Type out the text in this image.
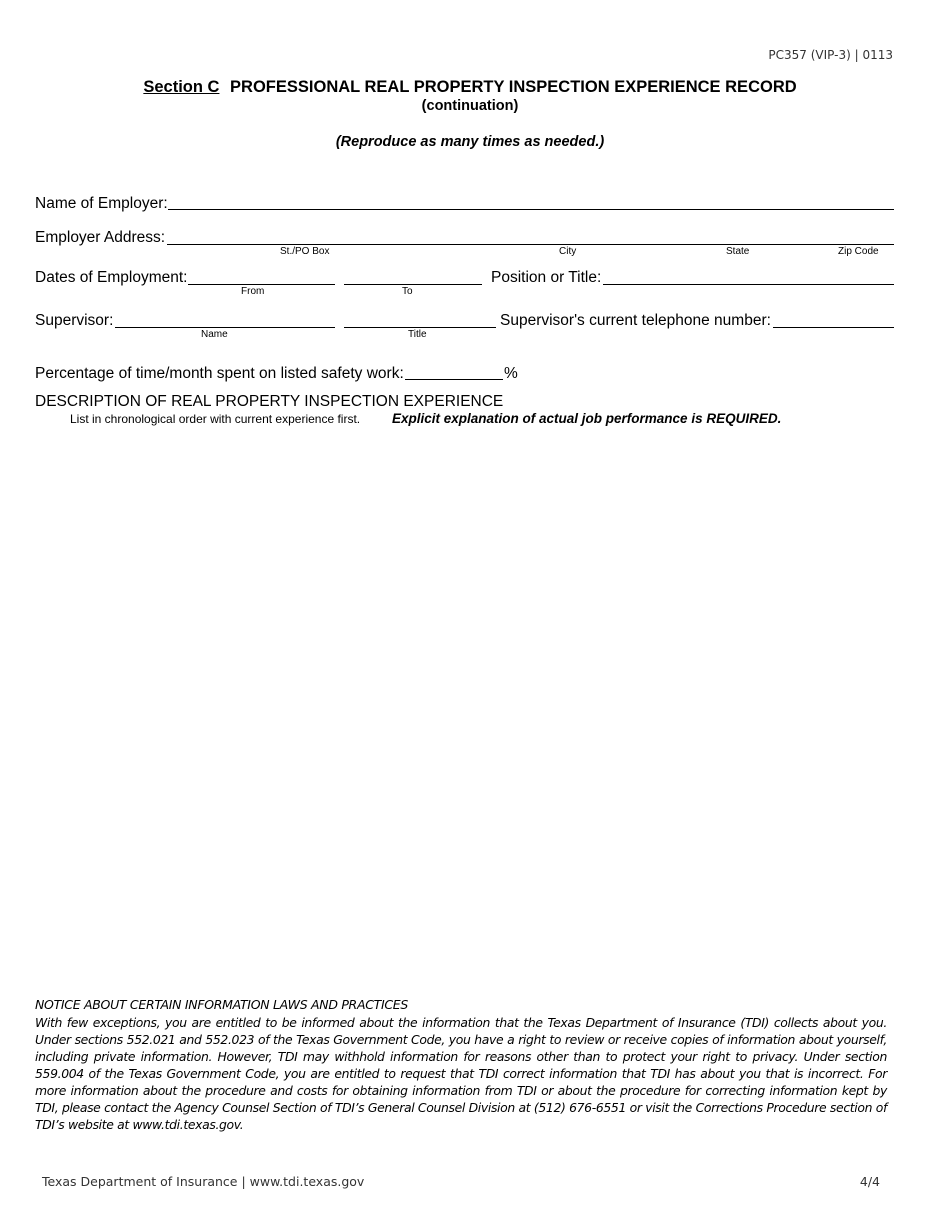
PC357 (VIP-3) | 0113
Section C PROFESSIONAL REAL PROPERTY INSPECTION EXPERIENCE RECORD
(continuation)
(Reproduce as many times as needed.)
Name of Employer:
Employer Address:
St./PO Box	City	State	Zip Code
Dates of Employment:
From	To
Position or Title:
Supervisor:
Name	Title
Supervisor's current telephone number:
Percentage of time/month spent on listed safety work:	%
DESCRIPTION OF REAL PROPERTY INSPECTION EXPERIENCE
List in chronological order with current experience first. Explicit explanation of actual job performance is REQUIRED.
NOTICE ABOUT CERTAIN INFORMATION LAWS AND PRACTICES
With few exceptions, you are entitled to be informed about the information that the Texas Department of Insurance (TDI) collects about you. Under sections 552.021 and 552.023 of the Texas Government Code, you have a right to review or receive copies of information about yourself, including private information. However, TDI may withhold information for reasons other than to protect your right to privacy. Under section 559.004 of the Texas Government Code, you are entitled to request that TDI correct information that TDI has about you that is incorrect. For more information about the procedure and costs for obtaining information from TDI or about the procedure for correcting information kept by TDI, please contact the Agency Counsel Section of TDI’s General Counsel Division at (512) 676-6551 or visit the Corrections Procedure section of TDI’s website at www.tdi.texas.gov.
Texas Department of Insurance | www.tdi.texas.gov	4/4
